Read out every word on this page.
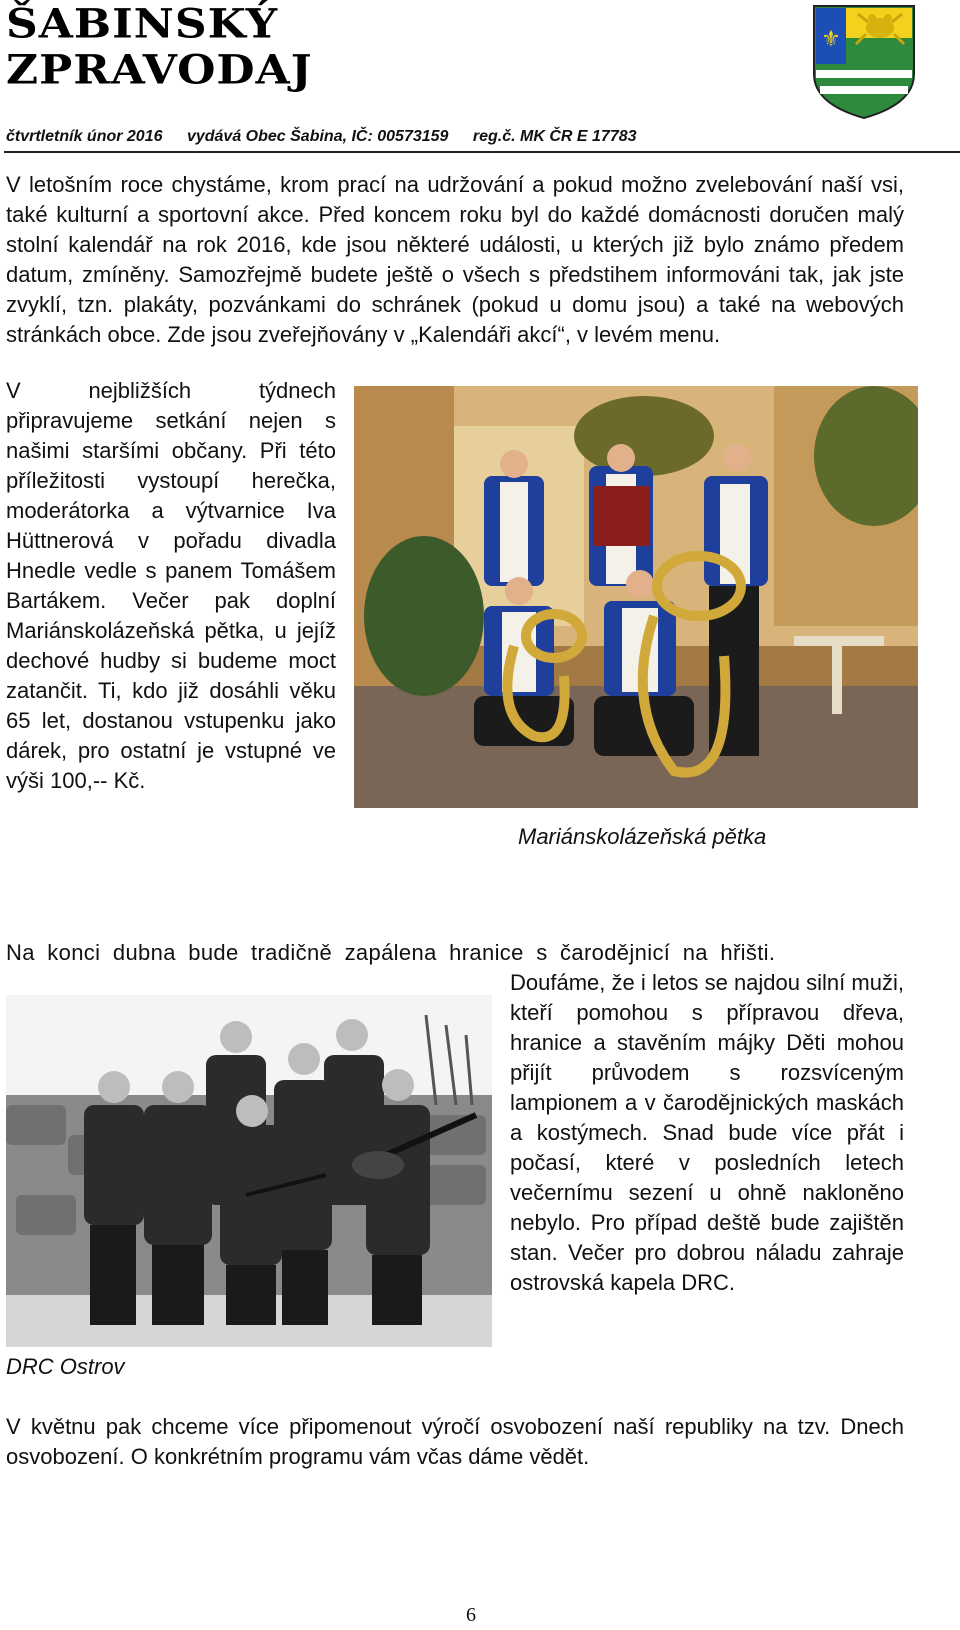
ŠABINSKÝ
ZPRAVODAJ
⚜
čtvrtletník únor 2016 vydává Obec Šabina, IČ: 00573159 reg.č. MK ČR E 17783

V letošním roce chystáme, krom prací na udržování a pokud možno zvelebování naší vsi, také kulturní a sportovní akce. Před koncem roku byl do každé domácnosti doručen malý stolní kalendář na rok 2016, kde jsou některé události, u kterých již bylo známo předem datum, zmíněny. Samozřejmě budete ještě o všech s předstihem informováni tak, jak jste zvyklí, tzn. plakáty, pozvánkami do schránek (pokud u domu jsou) a také na webových stránkách obce. Zde jsou zveřejňovány v „Kalendáři akcí“, v levém menu.

V nejbližších týdnech připravujeme setkání nejen s našimi staršími občany. Při této příležitosti vystoupí herečka, moderátorka a výtvarnice Iva Hüttnerová v pořadu divadla Hnedle vedle s panem Tomášem Bartákem. Večer pak doplní Mariánskolázeňská pětka, u jejíž dechové hudby si budeme moct zatančit. Ti, kdo již dosáhli věku 65 let, dostanou vstupenku jako dárek, pro ostatní je vstupné ve výši 100,-- Kč.

Mariánskolázeňská pětka

Na konci dubna bude tradičně zapálena hranice s čarodějnicí na hřišti.

Doufáme, že i letos se najdou silní muži, kteří pomohou s přípravou dřeva, hranice a stavěním májky Děti mohou přijít průvodem s rozsvíceným lampionem a v čarodějnických maskách a kostýmech. Snad bude více přát i počasí, které v posledních letech večernímu sezení u ohně nakloněno nebylo. Pro případ deště bude zajištěn stan. Večer pro dobrou náladu zahraje ostrovská kapela DRC.

DRC Ostrov

V květnu pak chceme více připomenout výročí osvobození naší republiky na tzv. Dnech osvobození. O konkrétním programu vám včas dáme vědět.

6
